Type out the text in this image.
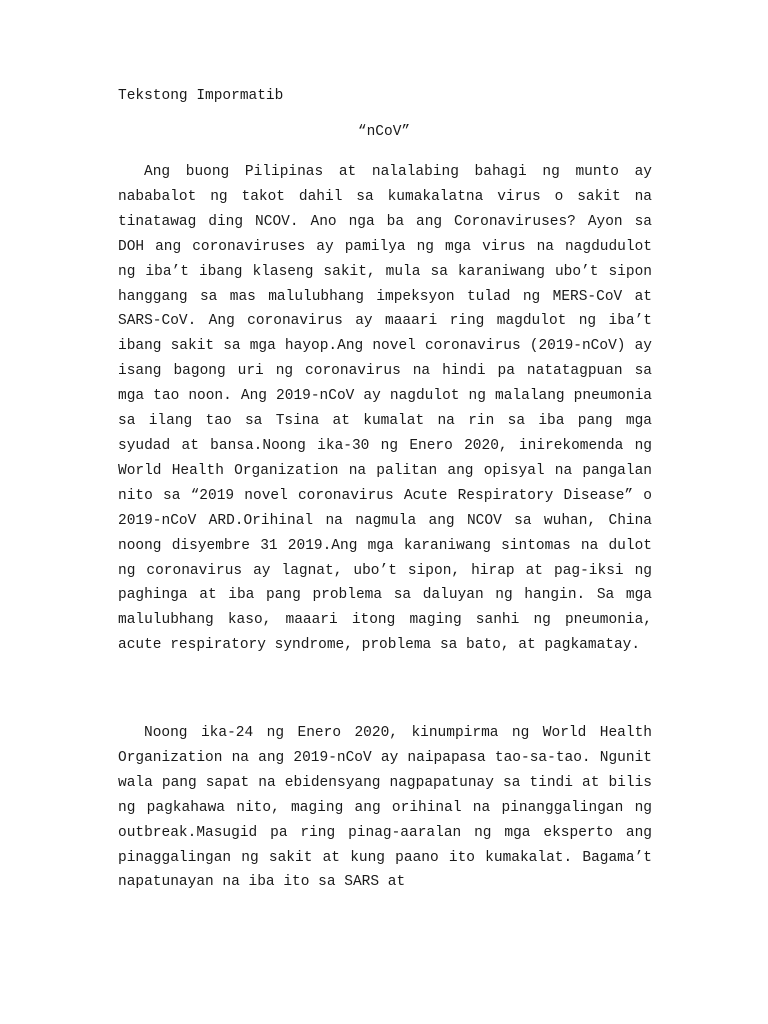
Tekstong Impormatib
“nCoV”

Ang buong Pilipinas at nalalabing bahagi ng munto ay nababalot ng takot dahil sa kumakalatna virus o sakit na tinatawag ding NCOV. Ano nga ba ang Coronaviruses? Ayon sa DOH ang coronaviruses ay pamilya ng mga virus na nagdudulot ng iba’t ibang klaseng sakit, mula sa karaniwang ubo’t sipon hanggang sa mas malulubhang impeksyon tulad ng MERS-CoV at SARS-CoV. Ang coronavirus ay maaari ring magdulot ng iba’t ibang sakit sa mga hayop.Ang novel coronavirus (2019-nCoV) ay isang bagong uri ng coronavirus na hindi pa natatagpuan sa mga tao noon. Ang 2019-nCoV ay nagdulot ng malalang pneumonia sa ilang tao sa Tsina at kumalat na rin sa iba pang mga syudad at bansa.Noong ika-30 ng Enero 2020, inirekomenda ng World Health Organization na palitan ang opisyal na pangalan nito sa “2019 novel coronavirus Acute Respiratory Disease” o 2019-nCoV ARD.Orihinal na nagmula ang NCOV sa wuhan, China noong disyembre 31 2019.Ang mga karaniwang sintomas na dulot ng coronavirus ay lagnat, ubo’t sipon, hirap at pag-iksi ng paghinga at iba pang problema sa daluyan ng hangin. Sa mga malulubhang kaso, maaari itong maging sanhi ng pneumonia, acute respiratory syndrome, problema sa bato, at pagkamatay.

Noong ika-24 ng Enero 2020, kinumpirma ng World Health Organization na ang 2019-nCoV ay naipapasa tao-sa-tao. Ngunit wala pang sapat na ebidensyang nagpapatunay sa tindi at bilis ng pagkahawa nito, maging ang orihinal na pinanggalingan ng outbreak.Masugid pa ring pinag-aaralan ng mga eksperto ang pinaggalingan ng sakit at kung paano ito kumakalat. Bagama’t napatunayan na iba ito sa SARS at
